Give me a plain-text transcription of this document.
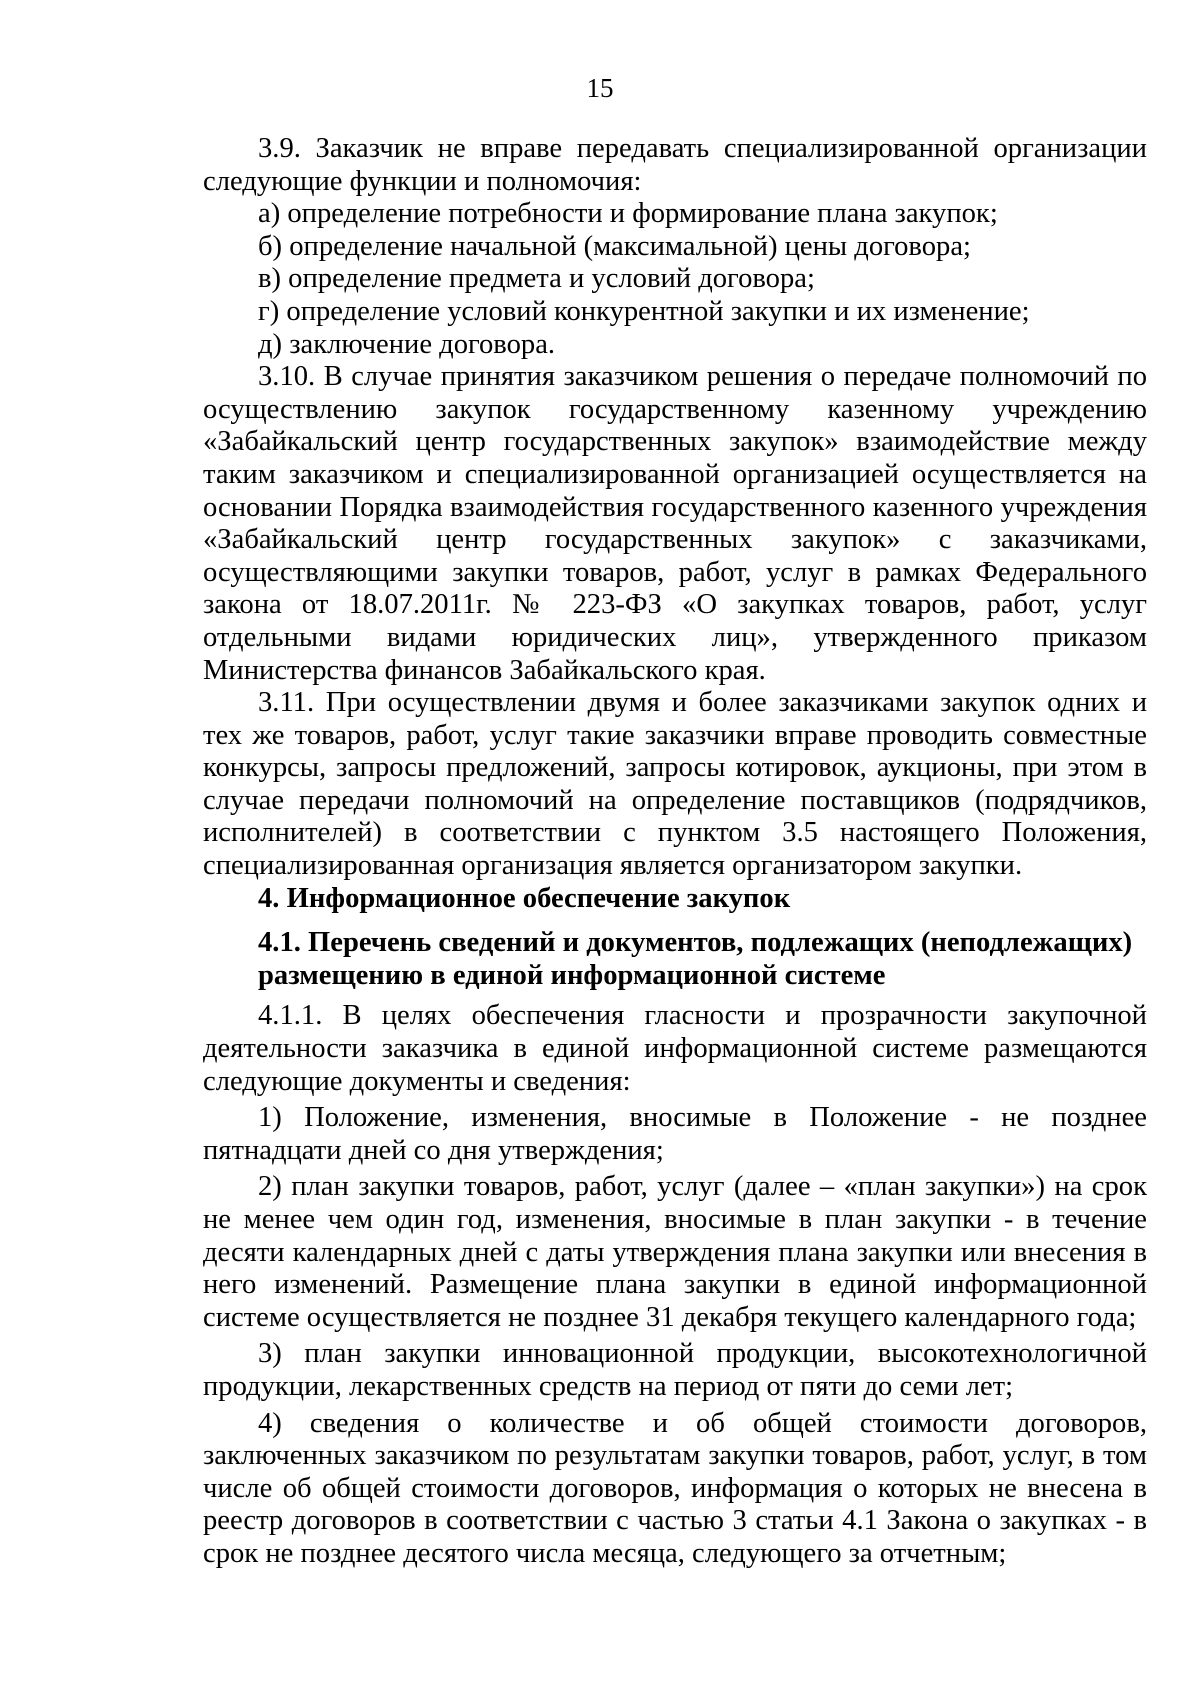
15

3.9. Заказчик не вправе передавать специализированной организации следующие функции и полномочия:

а) определение потребности и формирование плана закупок;

б) определение начальной (максимальной) цены договора;

в) определение предмета и условий договора;

г) определение условий конкурентной закупки и их изменение;

д) заключение договора.

3.10. В случае принятия заказчиком решения о передаче полномочий по осуществлению закупок государственному казенному учреждению «Забайкальский центр государственных закупок» взаимодействие между таким заказчиком и специализированной организацией осуществляется на основании Порядка взаимодействия государственного казенного учреждения «Забайкальский центр государственных закупок» с заказчиками, осуществляющими закупки товаров, работ, услуг в рамках Федерального закона от 18.07.2011г. № 223-ФЗ «О закупках товаров, работ, услуг отдельными видами юридических лиц», утвержденного приказом Министерства финансов Забайкальского края.

3.11. При осуществлении двумя и более заказчиками закупок одних и тех же товаров, работ, услуг такие заказчики вправе проводить совместные конкурсы, запросы предложений, запросы котировок, аукционы, при этом в случае передачи полномочий на определение поставщиков (подрядчиков, исполнителей) в соответствии с пунктом 3.5 настоящего Положения, специализированная организация является организатором закупки.

4. Информационное обеспечение закупок

4.1. Перечень сведений и документов, подлежащих (неподлежащих)

размещению в единой информационной системе

4.1.1. В целях обеспечения гласности и прозрачности закупочной деятельности заказчика в единой информационной системе размещаются следующие документы и сведения:

1) Положение, изменения, вносимые в Положение - не позднее пятнадцати дней со дня утверждения;

2) план закупки товаров, работ, услуг (далее – «план закупки») на срок не менее чем один год, изменения, вносимые в план закупки - в течение десяти календарных дней с даты утверждения плана закупки или внесения в него изменений. Размещение плана закупки в единой информационной системе осуществляется не позднее 31 декабря текущего календарного года;

3) план закупки инновационной продукции, высокотехнологичной продукции, лекарственных средств на период от пяти до семи лет;

4) сведения о количестве и об общей стоимости договоров, заключенных заказчиком по результатам закупки товаров, работ, услуг, в том числе об общей стоимости договоров, информация о которых не внесена в реестр договоров в соответствии с частью 3 статьи 4.1 Закона о закупках - в срок не позднее десятого числа месяца, следующего за отчетным;
